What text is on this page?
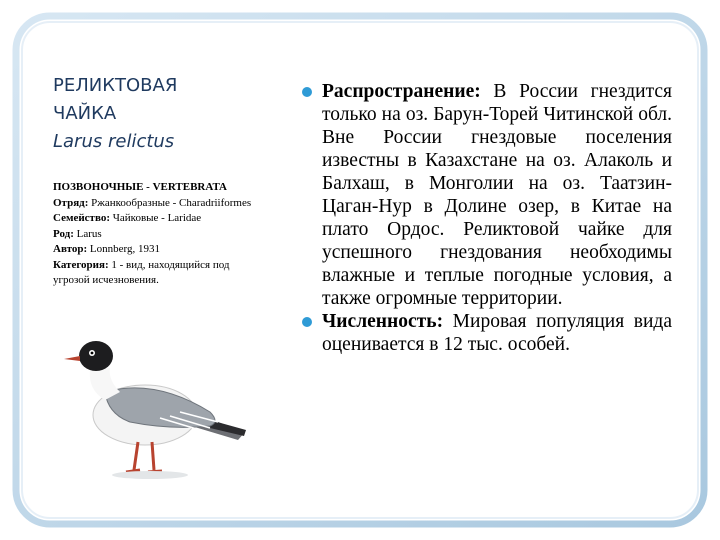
РЕЛИКТОВАЯ
ЧАЙКА
Larus relictus
ПОЗВОНОЧНЫЕ - VERTEBRATA
Отряд: Ржанкообразные - Charadriiformes
Семейство: Чайковые - Laridae
Род: Larus
Автор: Lonnberg, 1931
Категория: 1 - вид, находящийся под угрозой исчезновения.
Распространение: В России гнездится только на оз. Барун-Торей Читинской обл. Вне России гнездовые поселения известны в Казахстане на оз. Алаколь и Балхаш, в Монголии на оз. Таатзин-Цаган-Нур в Долине озер, в Китае на плато Ордос. Реликтовой чайке для успешного гнездования необходимы влажные и теплые погодные условия, а также огромные территории.
Численность: Мировая популяция вида оценивается в 12 тыс. особей.
